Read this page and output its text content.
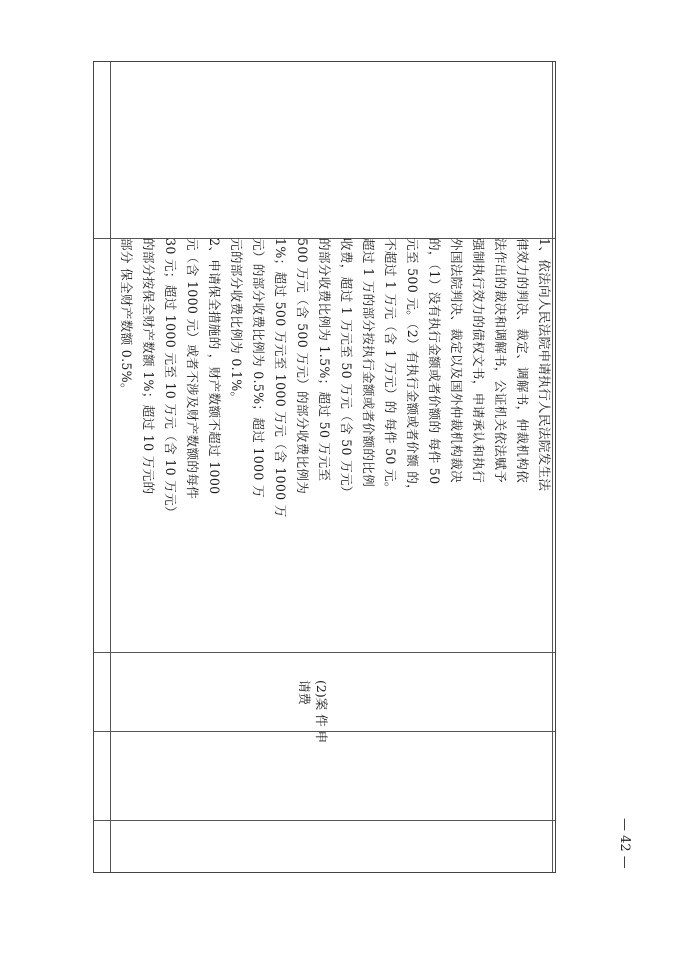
1、依法向人民法院申请执行人民法院发生法
律效力的判决、裁定、调解书，仲裁机构依
法作出的裁决和调解书，公证机关依法赋予
强制执行效力的债权文书，申请承认和执行
外国法院判决、裁定以及国外仲裁机构裁决
的，（1）没有执行金额或者价额的 每件 50
元至 500 元。（2）有执行金额或者价额 的，
不超过 1 万元（含 1 万元）的 每件 50 元。
超过 1 万的部分按执行金额或者价额的比例
收费，超过 1 万元至 50 万元（含 50 万元）
的部分收费比例为 1.5%；超过 50 万元至
500 万元（含 500 万元）的部分收费比例为
1%；超过 500 万元至 1000 万元（含 1000 万
元）的部分收费比例为 0.5%；超过 1000 万
元的部分收费比例为 0.1%。
2、申请保全措施的 ，财产数额不超过 1000
元（含 1000 元）或者不涉及财产数额的每件
30 元；超过 1000 元至 10 万元（含 10 万元）
的部分按保全财产数额 1%；超过 10 万元的
部分 保全财产数额 0.5%。
(2)案 件 申
请费
— 42 —
